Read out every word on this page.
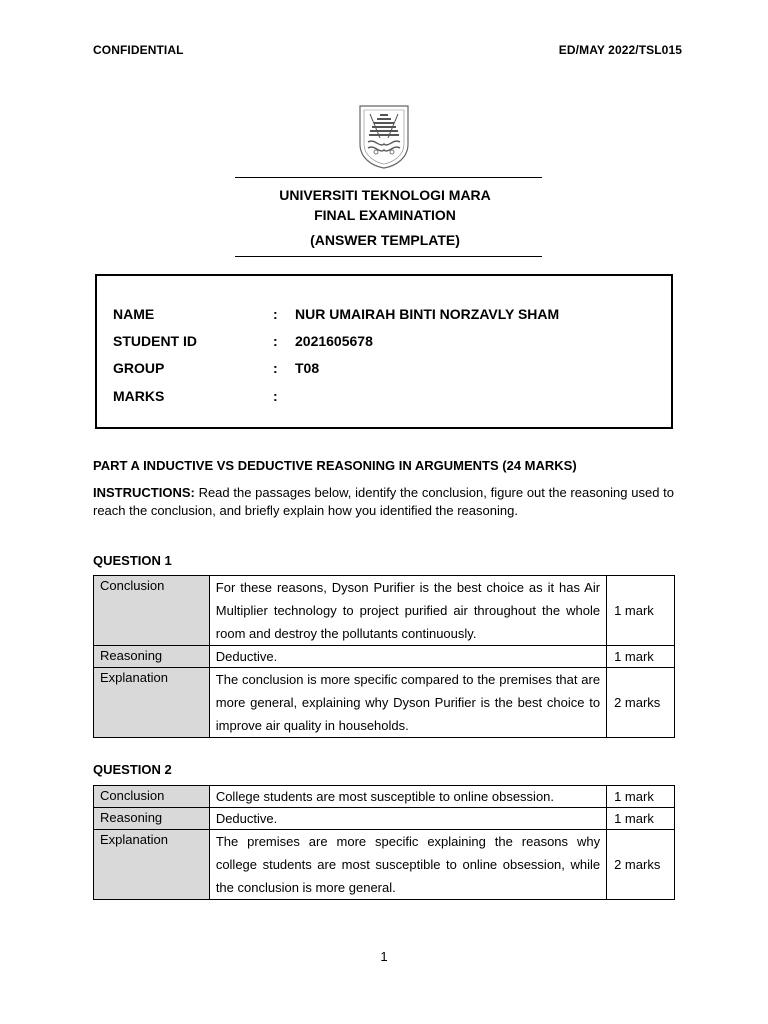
CONFIDENTIAL	ED/MAY 2022/TSL015
UNIVERSITI TEKNOLOGI MARA
FINAL EXAMINATION
(ANSWER TEMPLATE)
NAME	:	NUR UMAIRAH BINTI NORZAVLY SHAM
STUDENT ID	:	2021605678
GROUP	:	T08
MARKS	:
PART A INDUCTIVE VS DEDUCTIVE REASONING IN ARGUMENTS (24 MARKS)
INSTRUCTIONS: Read the passages below, identify the conclusion, figure out the reasoning used to reach the conclusion, and briefly explain how you identified the reasoning.
QUESTION 1
Conclusion	For these reasons, Dyson Purifier is the best choice as it has Air Multiplier technology to project purified air throughout the whole room and destroy the pollutants continuously.	1 mark
Reasoning	Deductive.	1 mark
Explanation	The conclusion is more specific compared to the premises that are more general, explaining why Dyson Purifier is the best choice to improve air quality in households.	2 marks
QUESTION 2
Conclusion	College students are most susceptible to online obsession.	1 mark
Reasoning	Deductive.	1 mark
Explanation	The premises are more specific explaining the reasons why college students are most susceptible to online obsession, while the conclusion is more general.	2 marks
1
